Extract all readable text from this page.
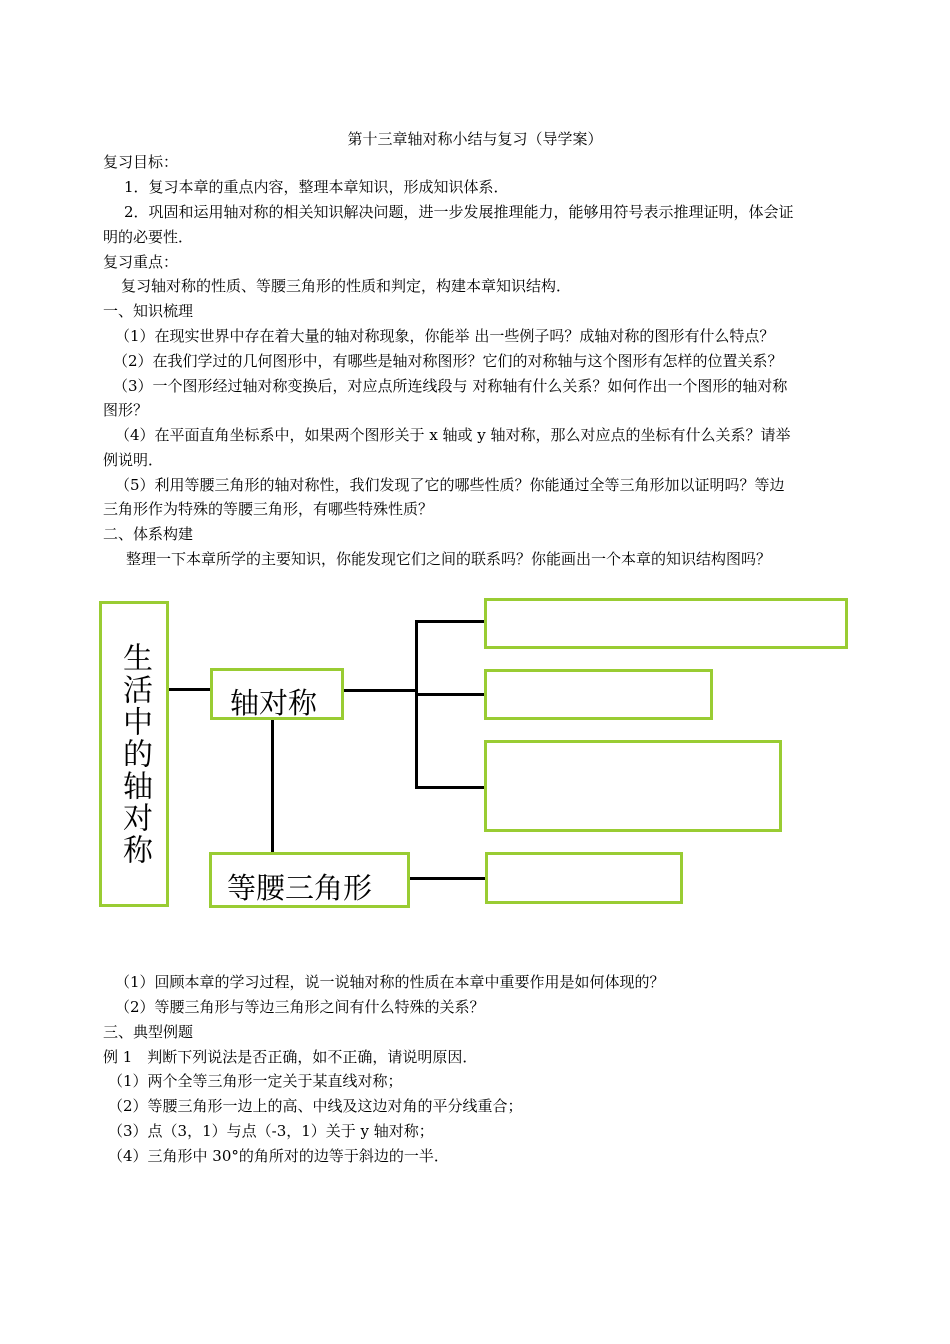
第十三章轴对称小结与复习（导学案）
复习目标：
1．复习本章的重点内容，整理本章知识，形成知识体系．
2．巩固和运用轴对称的相关知识解决问题，进一步发展推理能力，能够用符号表示推理证明，体会证
明的必要性．
复习重点：
复习轴对称的性质、等腰三角形的性质和判定，构建本章知识结构．
一、知识梳理
（1）在现实世界中存在着大量的轴对称现象，你能举 出一些例子吗？成轴对称的图形有什么特点？
（2）在我们学过的几何图形中，有哪些是轴对称图形？它们的对称轴与这个图形有怎样的位置关系？
（3）一个图形经过轴对称变换后，对应点所连线段与 对称轴有什么关系？如何作出一个图形的轴对称
图形？
（4）在平面直角坐标系中，如果两个图形关于 x 轴或 y 轴对称，那么对应点的坐标有什么关系？请举
例说明．
（5）利用等腰三角形的轴对称性，我们发现了它的哪些性质？你能通过全等三角形加以证明吗？等边
三角形作为特殊的等腰三角形，有哪些特殊性质？
二、体系构建
整理一下本章所学的主要知识，你能发现它们之间的联系吗？你能画出一个本章的知识结构图吗？
生活中的轴对称	轴对称
等腰三角形
（1）回顾本章的学习过程，说一说轴对称的性质在本章中重要作用是如何体现的？
（2）等腰三角形与等边三角形之间有什么特殊的关系？
三、典型例题
例 1　判断下列说法是否正确，如不正确，请说明原因．
（1）两个全等三角形一定关于某直线对称；
（2）等腰三角形一边上的高、中线及这边对角的平分线重合；
（3）点（3，1）与点（-3，1）关于 y 轴对称；
（4）三角形中 30°的角所对的边等于斜边的一半．
